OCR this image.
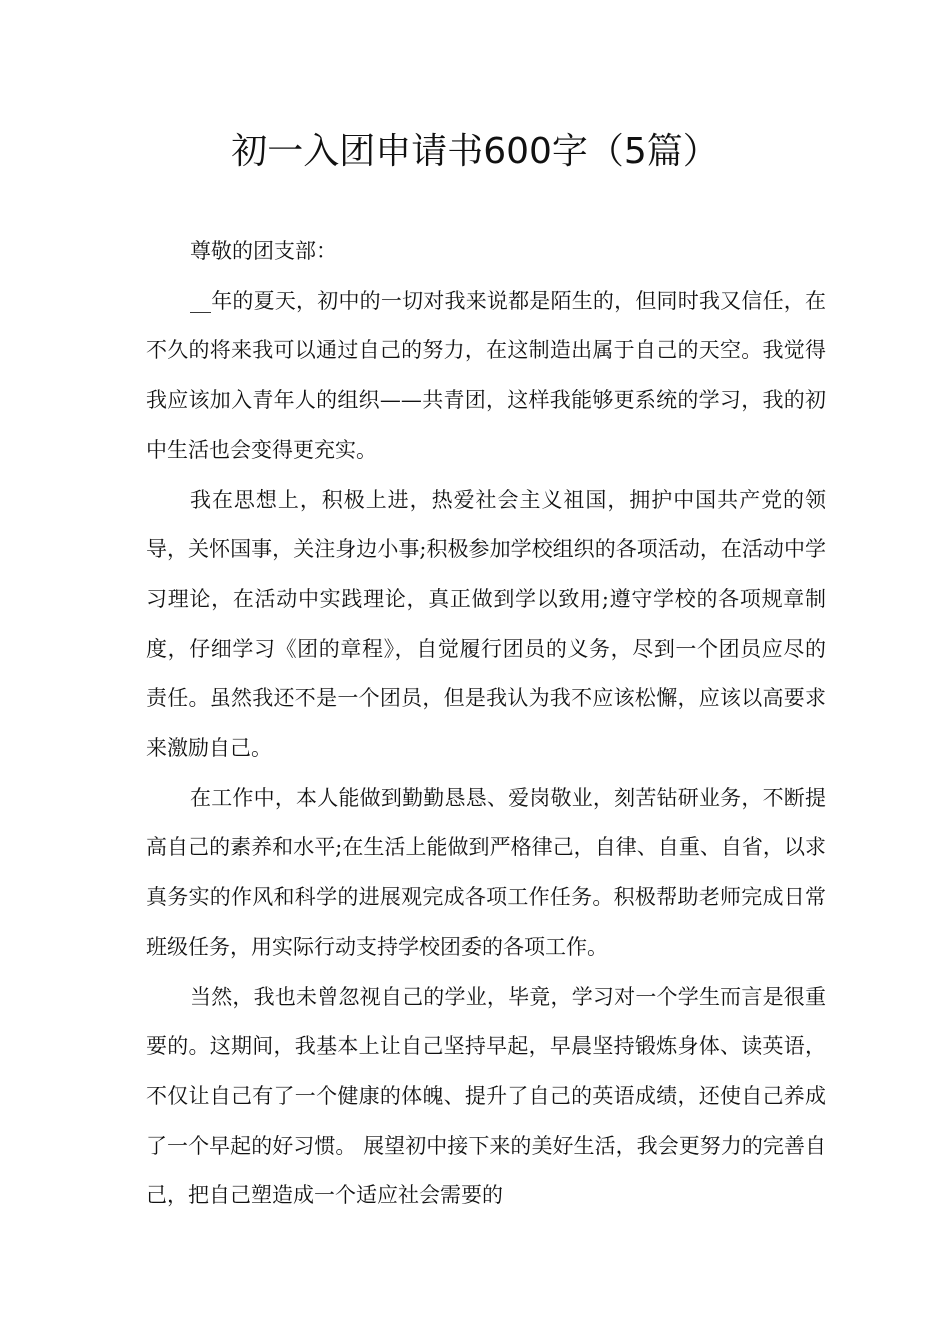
初一入团申请书600字（5篇）

尊敬的团支部：

__年的夏天，初中的一切对我来说都是陌生的，但同时我又信任，在不久的将来我可以通过自己的努力，在这制造出属于自己的天空。我觉得我应该加入青年人的组织——共青团，这样我能够更系统的学习，我的初中生活也会变得更充实。

我在思想上，积极上进，热爱社会主义祖国，拥护中国共产党的领导，关怀国事，关注身边小事;积极参加学校组织的各项活动，在活动中学习理论，在活动中实践理论，真正做到学以致用;遵守学校的各项规章制度，仔细学习《团的章程》，自觉履行团员的义务，尽到一个团员应尽的责任。虽然我还不是一个团员，但是我认为我不应该松懈，应该以高要求来激励自己。

在工作中，本人能做到勤勤恳恳、爱岗敬业，刻苦钻研业务，不断提高自己的素养和水平;在生活上能做到严格律己，自律、自重、自省，以求真务实的作风和科学的进展观完成各项工作任务。积极帮助老师完成日常班级任务，用实际行动支持学校团委的各项工作。

当然，我也未曾忽视自己的学业，毕竟，学习对一个学生而言是很重要的。这期间，我基本上让自己坚持早起，早晨坚持锻炼身体、读英语，不仅让自己有了一个健康的体魄、提升了自己的英语成绩，还使自己养成了一个早起的好习惯。 展望初中接下来的美好生活，我会更努力的完善自己，把自己塑造成一个适应社会需要的
